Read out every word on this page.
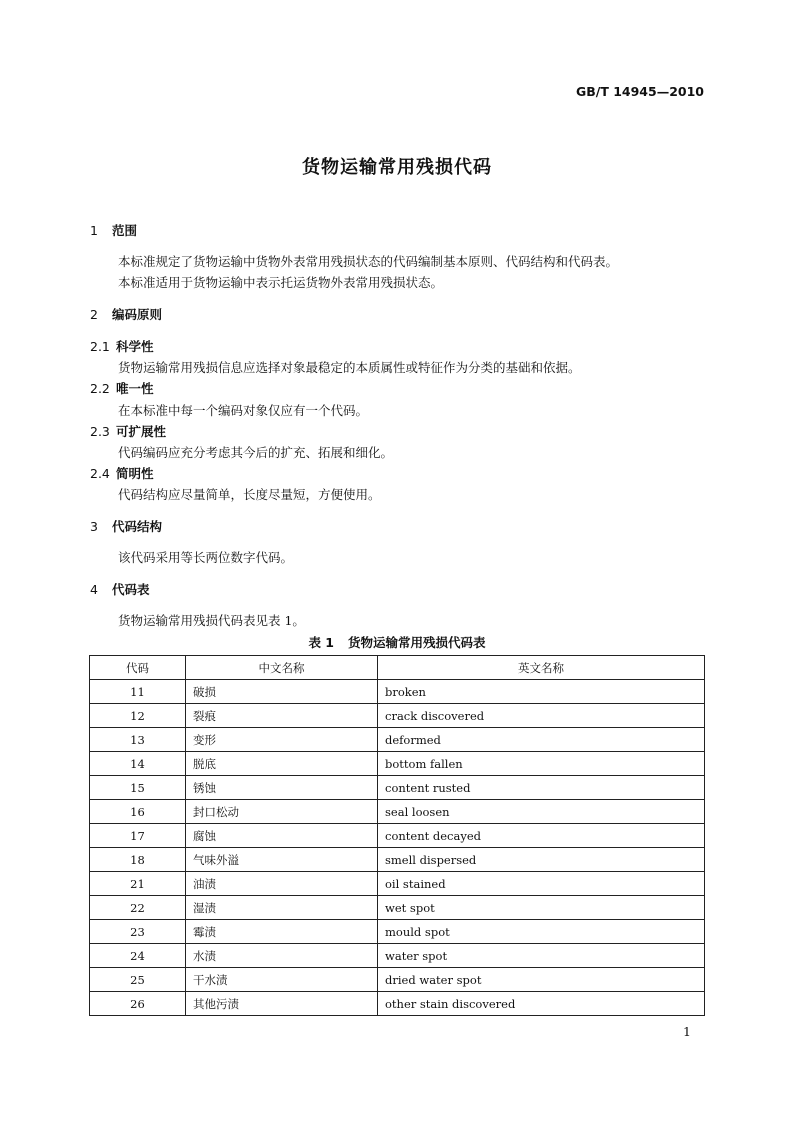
GB/T 14945—2010
货物运输常用残损代码
1 范围
本标准规定了货物运输中货物外表常用残损状态的代码编制基本原则、代码结构和代码表。
本标准适用于货物运输中表示托运货物外表常用残损状态。
2 编码原则
2.1 科学性
货物运输常用残损信息应选择对象最稳定的本质属性或特征作为分类的基础和依据。
2.2 唯一性
在本标准中每一个编码对象仅应有一个代码。
2.3 可扩展性
代码编码应充分考虑其今后的扩充、拓展和细化。
2.4 简明性
代码结构应尽量简单，长度尽量短，方便使用。
3 代码结构
该代码采用等长两位数字代码。
4 代码表
货物运输常用残损代码表见表 1。
表 1 货物运输常用残损代码表
代码	中文名称	英文名称
11	破损	broken
12	裂痕	crack discovered
13	变形	deformed
14	脱底	bottom fallen
15	锈蚀	content rusted
16	封口松动	seal loosen
17	腐蚀	content decayed
18	气味外溢	smell dispersed
21	油渍	oil stained
22	湿渍	wet spot
23	霉渍	mould spot
24	水渍	water spot
25	干水渍	dried water spot
26	其他污渍	other stain discovered
1
